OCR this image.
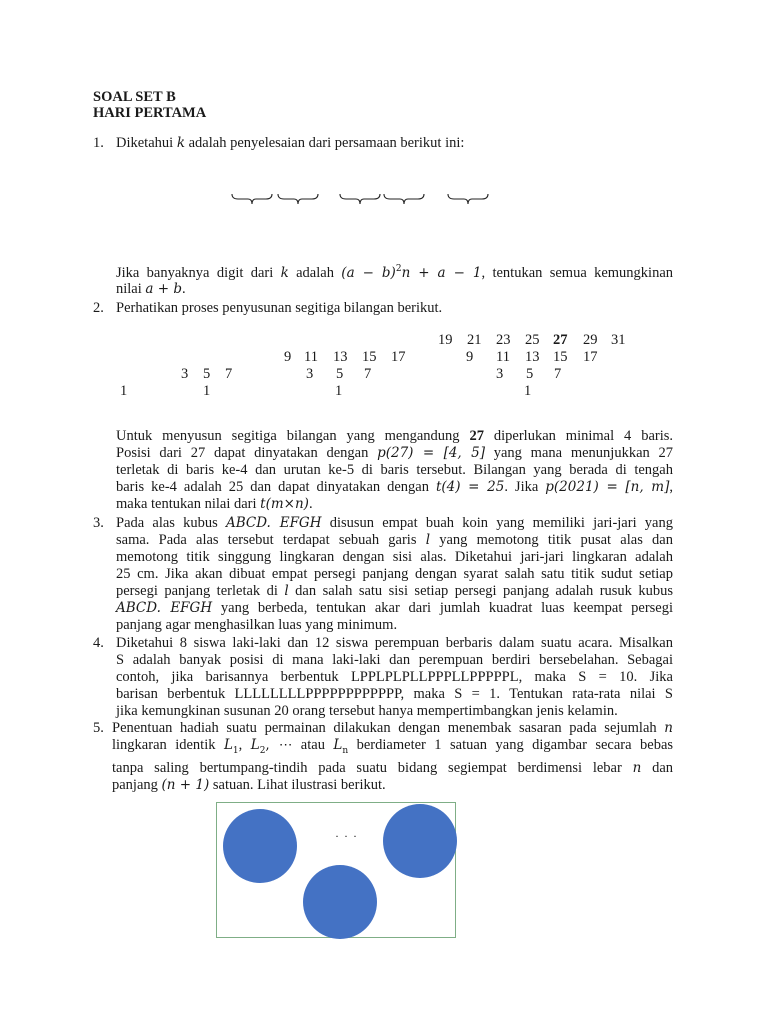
SOAL SET B
HARI PERTAMA
1. Diketahui k adalah penyelesaian dari persamaan berikut ini:
Jika banyaknya digit dari k adalah $(a - b)^2n + a - 1$, tentukan semua kemungkinan
nilai a + b.
2. Perhatikan proses penyusunan segitiga bilangan berikut.
1
3 5 7
1
9 11 13 15 17
3 5 7
1
19 21 23 25 27 29 31
9 11 13 15 17
3 5 7
1
Untuk menyusun segitiga bilangan yang mengandung 27 diperlukan minimal 4 baris.
Posisi dari 27 dapat dinyatakan dengan p(27) = [4, 5] yang mana menunjukkan 27
terletak di baris ke-4 dan urutan ke-5 di baris tersebut. Bilangan yang berada di tengah
baris ke-4 adalah 25 dan dapat dinyatakan dengan t(4) = 25. Jika p(2021) = [n, m],
maka tentukan nilai dari t(m×n).
3. Pada alas kubus ABCD. EFGH disusun empat buah koin yang memiliki jari-jari yang
sama. Pada alas tersebut terdapat sebuah garis l yang memotong titik pusat alas dan
memotong titik singgung lingkaran dengan sisi alas. Diketahui jari-jari lingkaran adalah
25 cm. Jika akan dibuat empat persegi panjang dengan syarat salah satu titik sudut setiap
persegi panjang terletak di l dan salah satu sisi setiap persegi panjang adalah rusuk kubus
ABCD. EFGH yang berbeda, tentukan akar dari jumlah kuadrat luas keempat persegi
panjang agar menghasilkan luas yang minimum.
4. Diketahui 8 siswa laki-laki dan 12 siswa perempuan berbaris dalam suatu acara. Misalkan
S adalah banyak posisi di mana laki-laki dan perempuan berdiri bersebelahan. Sebagai
contoh, jika barisannya berbentuk LPPLPLPLLPPPLLPPPPPL, maka S = 10. Jika
barisan berbentuk LLLLLLLLPPPPPPPPPPPP, maka S = 1. Tentukan rata-rata nilai S
jika kemungkinan susunan 20 orang tersebut hanya mempertimbangkan jenis kelamin.
5. Penentuan hadiah suatu permainan dilakukan dengan menembak sasaran pada sejumlah n
lingkaran identik $L_1$, $L_2$, ⋯ atau $L_n$ berdiameter 1 satuan yang digambar secara bebas
tanpa saling bertumpang-tindih pada suatu bidang segiempat berdimensi lebar n dan
panjang (n + 1) satuan. Lihat ilustrasi berikut.
· · ·
